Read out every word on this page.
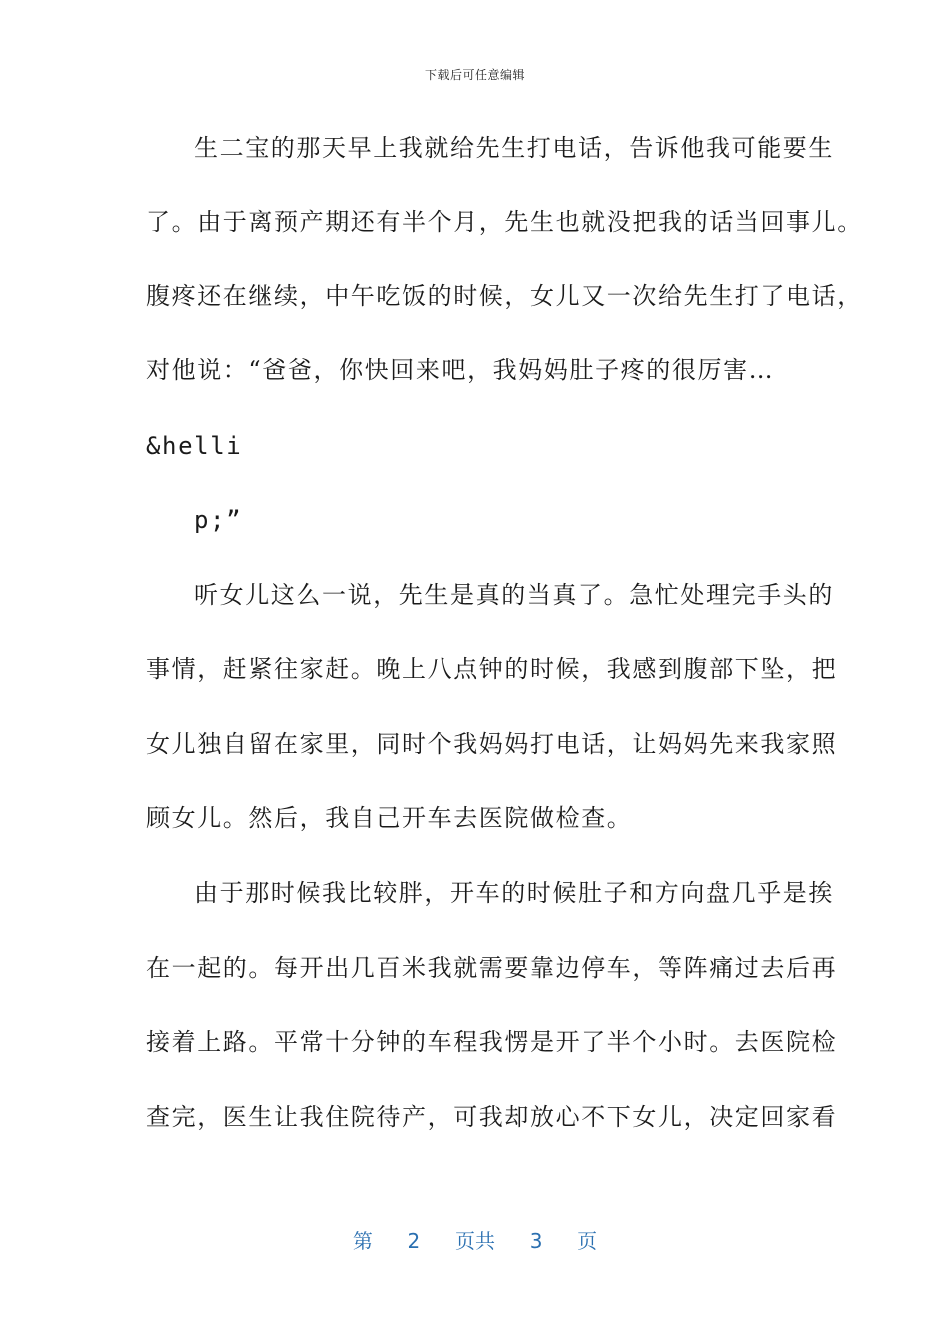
下载后可任意编辑
生二宝的那天早上我就给先生打电话，告诉他我可能要生
了。由于离预产期还有半个月，先生也就没把我的话当回事儿。
腹疼还在继续，中午吃饭的时候，女儿又一次给先生打了电话，
对他说：“爸爸，你快回来吧，我妈妈肚子疼的很厉害…
&helli
p;”
听女儿这么一说，先生是真的当真了。急忙处理完手头的
事情，赶紧往家赶。晚上八点钟的时候，我感到腹部下坠，把
女儿独自留在家里，同时个我妈妈打电话，让妈妈先来我家照
顾女儿。然后，我自己开车去医院做检查。
由于那时候我比较胖，开车的时候肚子和方向盘几乎是挨
在一起的。每开出几百米我就需要靠边停车，等阵痛过去后再
接着上路。平常十分钟的车程我愣是开了半个小时。去医院检
查完，医生让我住院待产，可我却放心不下女儿，决定回家看
第 2 页共 3 页
